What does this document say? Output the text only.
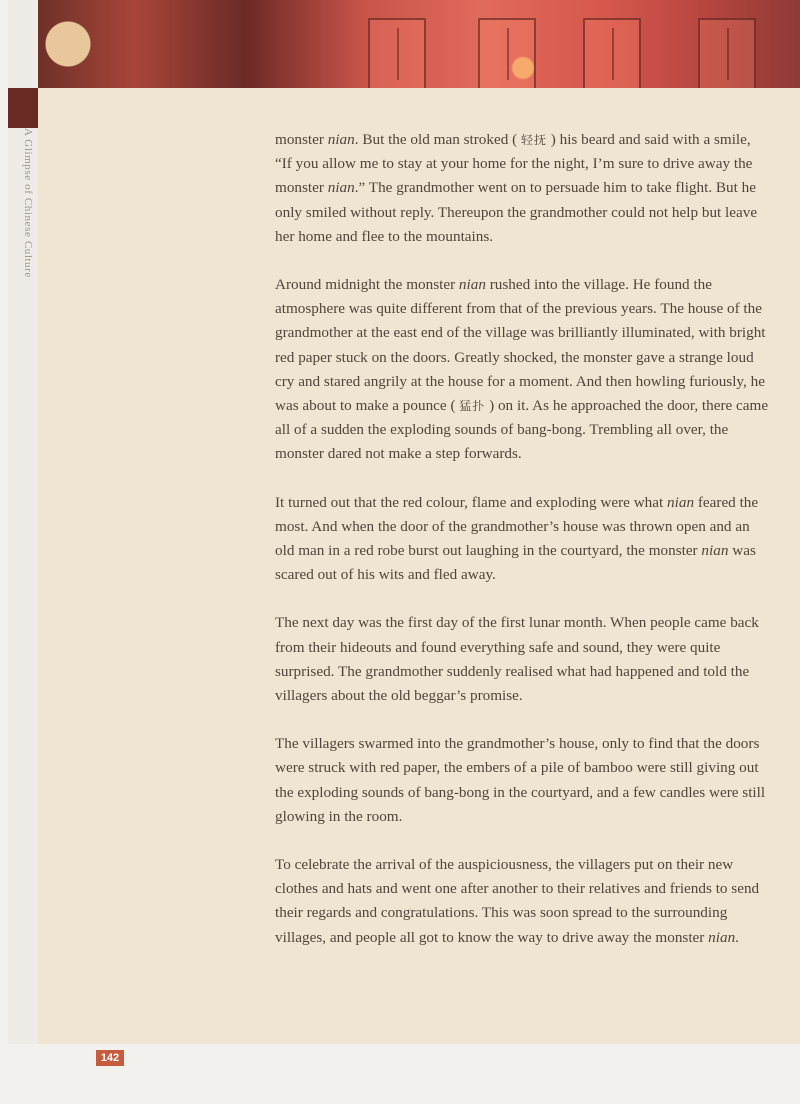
A Glimpse of Chinese Culture	monster nian. But the old man stroked ( 轻抚 ) his beard and said with a smile, “If you allow me to stay at your home for the night, I’m sure to drive away the monster nian.” The grandmother went on to persuade him to take flight. But he only smiled without reply. Thereupon the grandmother could not help but leave her home and flee to the mountains.

Around midnight the monster nian rushed into the village. He found the atmosphere was quite different from that of the previous years. The house of the grandmother at the east end of the village was brilliantly illuminated, with bright red paper stuck on the doors. Greatly shocked, the monster gave a strange loud cry and stared angrily at the house for a moment. And then howling furiously, he was about to make a pounce ( 猛扑 ) on it. As he approached the door, there came all of a sudden the exploding sounds of bang-bong. Trembling all over, the monster dared not make a step forwards.

It turned out that the red colour, flame and exploding were what nian feared the most. And when the door of the grandmother’s house was thrown open and an old man in a red robe burst out laughing in the courtyard, the monster nian was scared out of his wits and fled away.

The next day was the first day of the first lunar month. When people came back from their hideouts and found everything safe and sound, they were quite surprised. The grandmother suddenly realised what had happened and told the villagers about the old beggar’s promise.

The villagers swarmed into the grandmother’s house, only to find that the doors were struck with red paper, the embers of a pile of bamboo were still giving out the exploding sounds of bang-bong in the courtyard, and a few candles were still glowing in the room.

To celebrate the arrival of the auspiciousness, the villagers put on their new clothes and hats and went one after another to their relatives and friends to send their regards and congratulations. This was soon spread to the surrounding villages, and people all got to know the way to drive away the monster nian.

142
